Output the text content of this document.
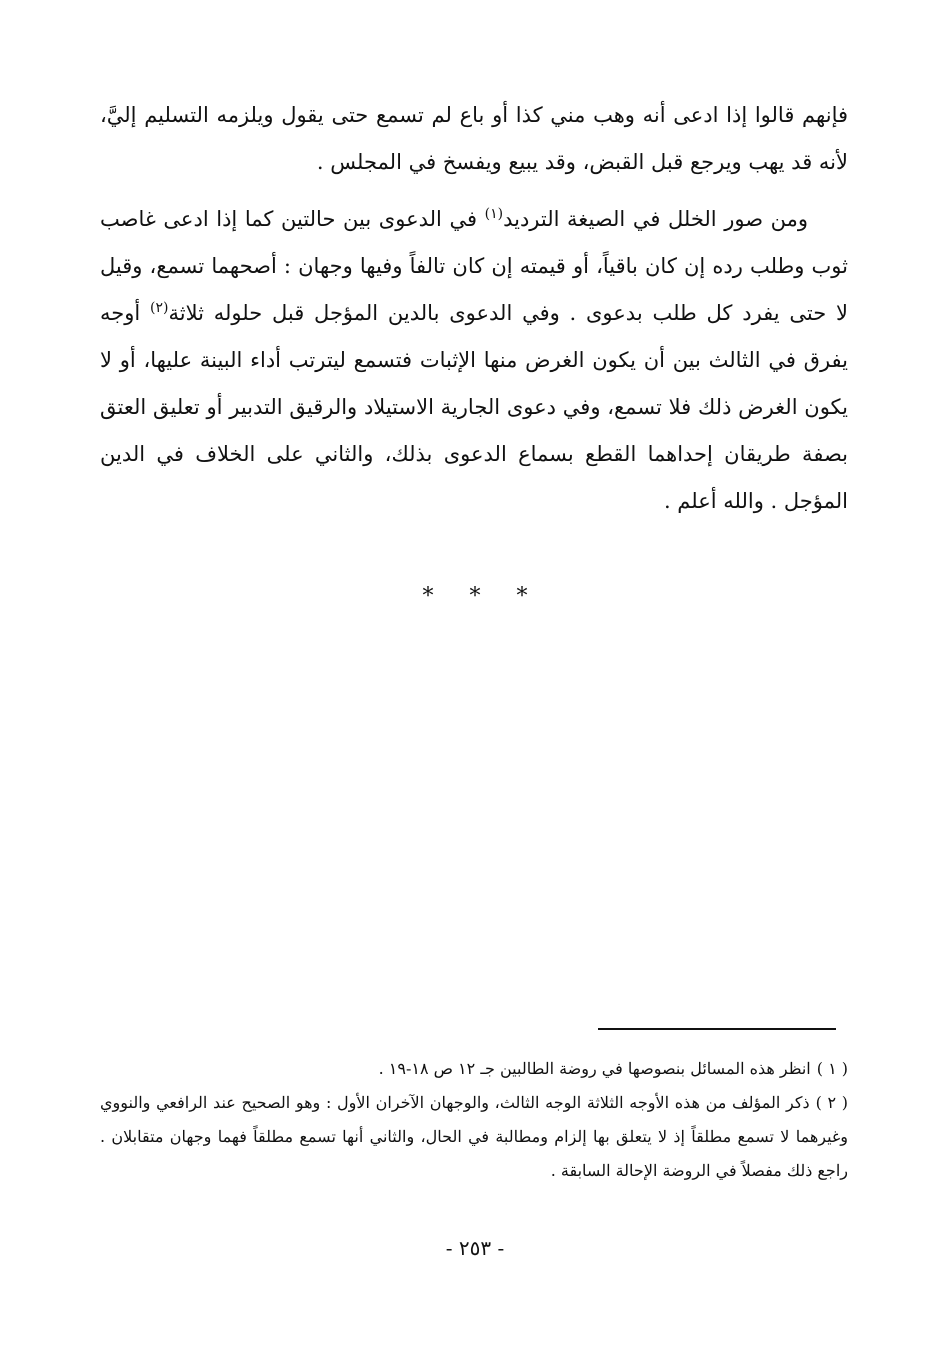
فإنهم قالوا إذا ادعى أنه وهب مني كذا أو باع لم تسمع حتى يقول ويلزمه التسليم إليَّ، لأنه قد يهب ويرجع قبل القبض، وقد يبيع ويفسخ في المجلس .

ومن صور الخلل في الصيغة الترديد$^{(١)}$ في الدعوى بين حالتين كما إذا ادعى غاصب ثوب وطلب رده إن كان باقياً، أو قيمته إن كان تالفاً وفيها وجهان : أصحهما تسمع، وقيل لا حتى يفرد كل طلب بدعوى . وفي الدعوى بالدين المؤجل قبل حلوله ثلاثة$^{(٢)}$ أوجه يفرق في الثالث بين أن يكون الغرض منها الإثبات فتسمع ليترتب أداء البينة عليها، أو لا يكون الغرض ذلك فلا تسمع، وفي دعوى الجارية الاستيلاد والرقيق التدبير أو تعليق العتق بصفة طريقان إحداهما القطع بسماع الدعوى بذلك، والثاني على الخلاف في الدين المؤجل . والله أعلم .

* * *

( ١ )انظر هذه المسائل بنصوصها في روضة الطالبين جـ ١٢ ص ١٨-١٩ .

( ٢ )ذكر المؤلف من هذه الأوجه الثلاثة الوجه الثالث، والوجهان الآخران الأول : وهو الصحيح عند الرافعي والنووي وغيرهما لا تسمع مطلقاً إذ لا يتعلق بها إلزام ومطالبة في الحال، والثاني أنها تسمع مطلقاً فهما وجهان متقابلان . راجع ذلك مفصلاً في الروضة الإحالة السابقة .

- ٢٥٣ -
